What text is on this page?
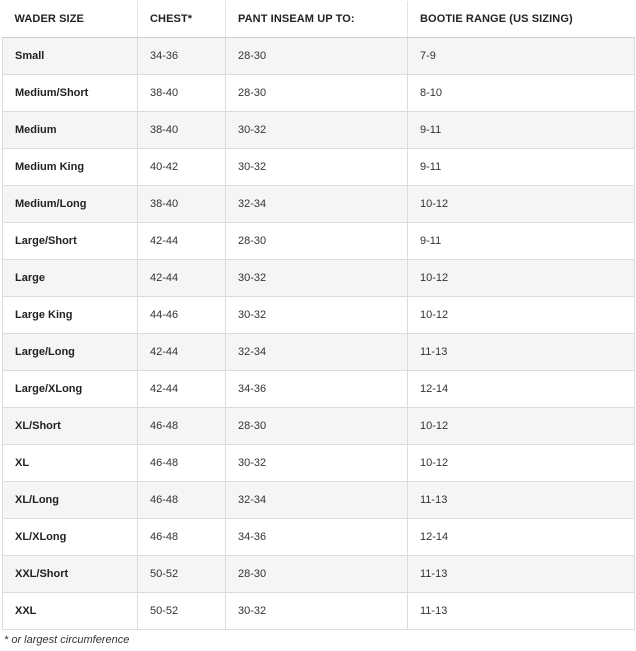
WADER SIZE	CHEST*	PANT INSEAM UP TO:	BOOTIE RANGE (US SIZING)
Small	34-36	28-30	7-9
Medium/Short	38-40	28-30	8-10
Medium	38-40	30-32	9-11
Medium King	40-42	30-32	9-11
Medium/Long	38-40	32-34	10-12
Large/Short	42-44	28-30	9-11
Large	42-44	30-32	10-12
Large King	44-46	30-32	10-12
Large/Long	42-44	32-34	11-13
Large/XLong	42-44	34-36	12-14
XL/Short	46-48	28-30	10-12
XL	46-48	30-32	10-12
XL/Long	46-48	32-34	11-13
XL/XLong	46-48	34-36	12-14
XXL/Short	50-52	28-30	11-13
XXL	50-52	30-32	11-13
* or largest circumference
